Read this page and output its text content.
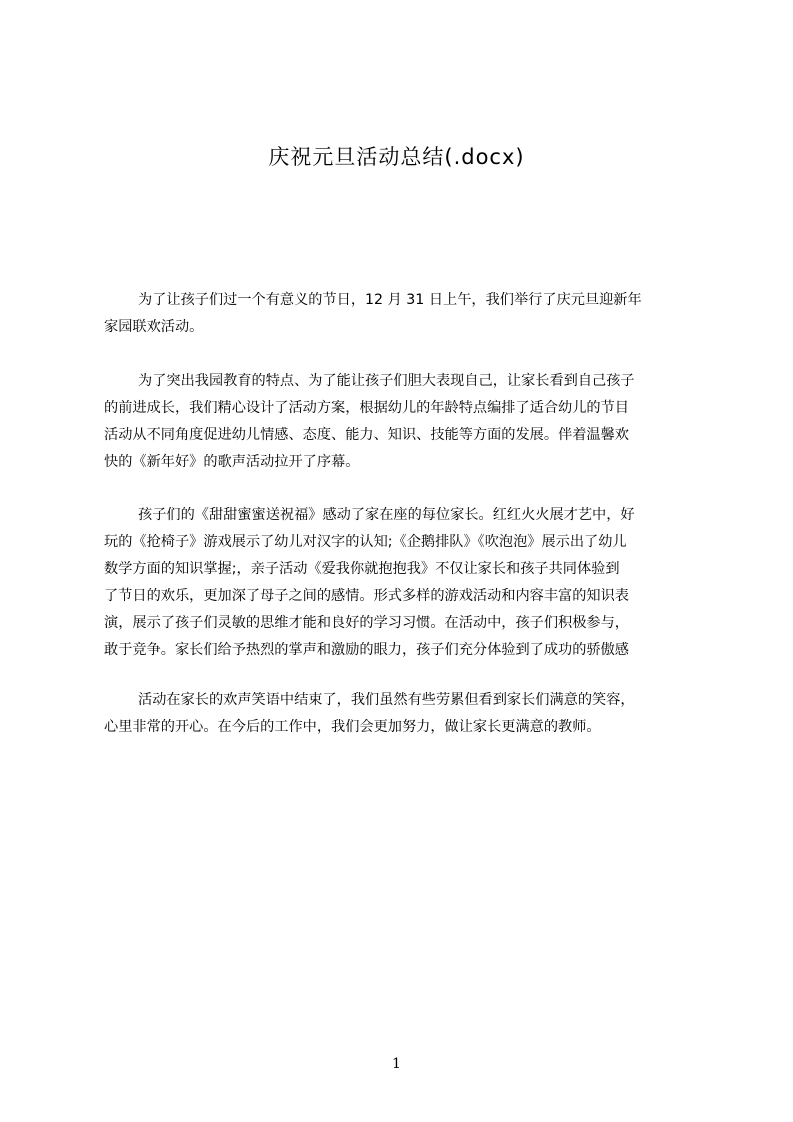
庆祝元旦活动总结(.docx)
为了让孩子们过一个有意义的节日，12 月 31 日上午，我们举行了庆元旦迎新年
家园联欢活动。
为了突出我园教育的特点、为了能让孩子们胆大表现自己，让家长看到自己孩子
的前进成长，我们精心设计了活动方案，根据幼儿的年龄特点编排了适合幼儿的节目
活动从不同角度促进幼儿情感、态度、能力、知识、技能等方面的发展。伴着温馨欢
快的《新年好》的歌声活动拉开了序幕。
孩子们的《甜甜蜜蜜送祝福》感动了家在座的每位家长。红红火火展才艺中，好
玩的《抢椅子》游戏展示了幼儿对汉字的认知;《企鹅排队》《吹泡泡》展示出了幼儿
数学方面的知识掌握;，亲子活动《爱我你就抱抱我》不仅让家长和孩子共同体验到
了节日的欢乐，更加深了母子之间的感情。形式多样的游戏活动和内容丰富的知识表
演，展示了孩子们灵敏的思维才能和良好的学习习惯。在活动中，孩子们积极参与，
敢于竞争。家长们给予热烈的掌声和激励的眼力，孩子们充分体验到了成功的骄傲感
活动在家长的欢声笑语中结束了，我们虽然有些劳累但看到家长们满意的笑容，
心里非常的开心。在今后的工作中，我们会更加努力，做让家长更满意的教师。
1
